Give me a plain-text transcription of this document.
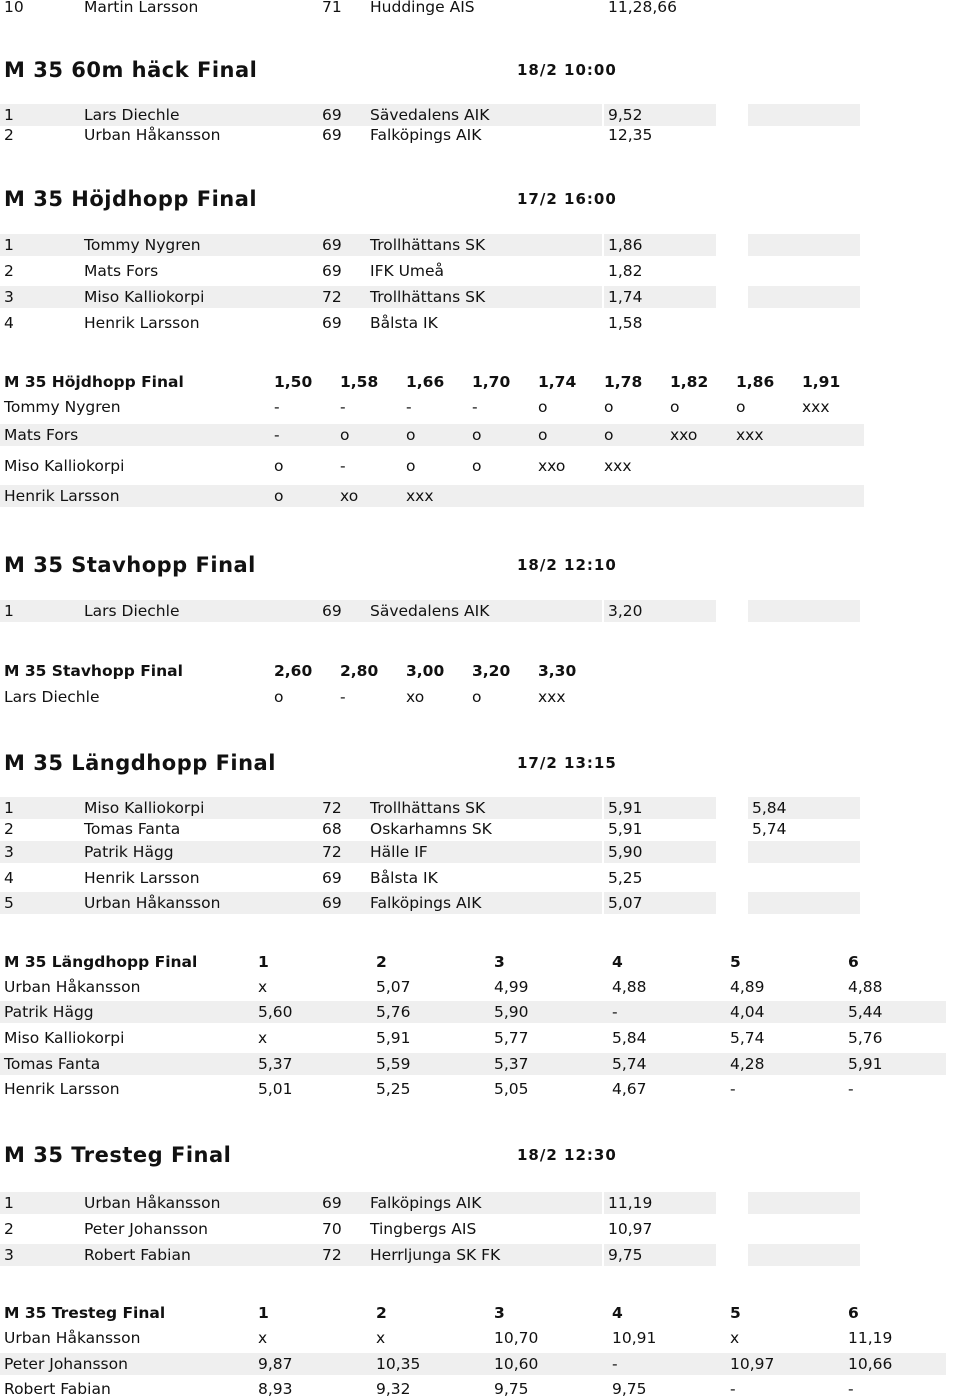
10	Martin Larsson	71	Huddinge AIS	11,28,66
M 35 60m häck Final	18/2 10:00
1	Lars Diechle	69	Sävedalens AIK	9,52
2	Urban Håkansson	69	Falköpings AIK	12,35
M 35 Höjdhopp Final	17/2 16:00
1	Tommy Nygren	69	Trollhättans SK	1,86
2	Mats Fors	69	IFK Umeå	1,82
3	Miso Kalliokorpi	72	Trollhättans SK	1,74
4	Henrik Larsson	69	Bålsta IK	1,58
M 35 Höjdhopp Final	1,50	1,58	1,66	1,70	1,74	1,78	1,82	1,86	1,91
Tommy Nygren	-	-	-	-	o	o	o	o	xxx
Mats Fors	-	o	o	o	o	o	xxo	xxx
Miso Kalliokorpi	o	-	o	o	xxo	xxx
Henrik Larsson	o	xo	xxx
M 35 Stavhopp Final	18/2 12:10
1	Lars Diechle	69	Sävedalens AIK	3,20
M 35 Stavhopp Final	2,60	2,80	3,00	3,20	3,30
Lars Diechle	o	-	xo	o	xxx
M 35 Längdhopp Final	17/2 13:15
1	Miso Kalliokorpi	72	Trollhättans SK	5,91	5,84
2	Tomas Fanta	68	Oskarhamns SK	5,91	5,74
3	Patrik Hägg	72	Hälle IF	5,90
4	Henrik Larsson	69	Bålsta IK	5,25
5	Urban Håkansson	69	Falköpings AIK	5,07
M 35 Längdhopp Final	1	2	3	4	5	6
Urban Håkansson	x	5,07	4,99	4,88	4,89	4,88
Patrik Hägg	5,60	5,76	5,90	-	4,04	5,44
Miso Kalliokorpi	x	5,91	5,77	5,84	5,74	5,76
Tomas Fanta	5,37	5,59	5,37	5,74	4,28	5,91
Henrik Larsson	5,01	5,25	5,05	4,67	-	-
M 35 Tresteg Final	18/2 12:30
1	Urban Håkansson	69	Falköpings AIK	11,19
2	Peter Johansson	70	Tingbergs AIS	10,97
3	Robert Fabian	72	Herrljunga SK FK	9,75
M 35 Tresteg Final	1	2	3	4	5	6
Urban Håkansson	x	x	10,70	10,91	x	11,19
Peter Johansson	9,87	10,35	10,60	-	10,97	10,66
Robert Fabian	8,93	9,32	9,75	9,75	-	-
